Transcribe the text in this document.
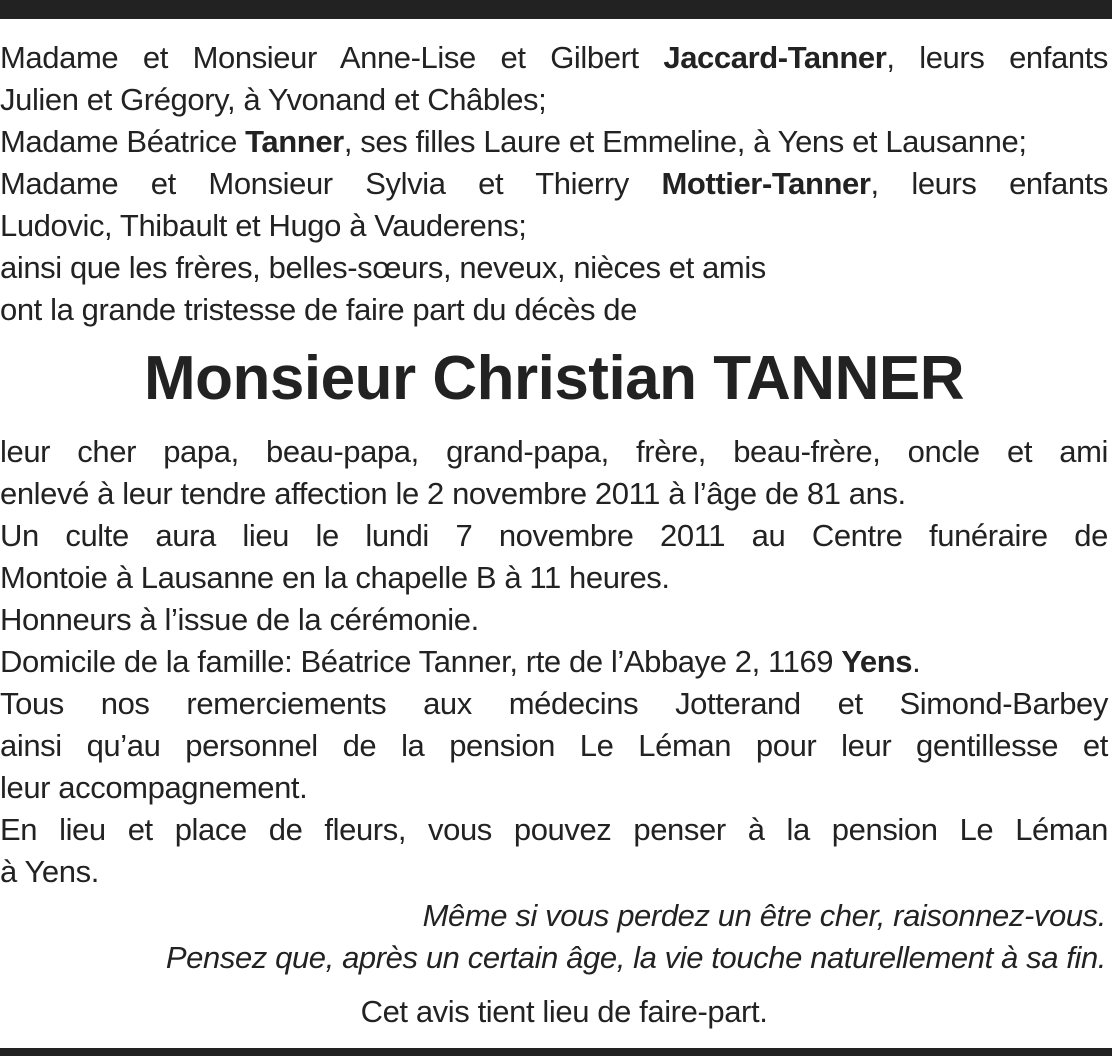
Madame et Monsieur Anne-Lise et Gilbert Jaccard-Tanner, leurs enfants
Julien et Grégory, à Yvonand et Châbles;
Madame Béatrice Tanner, ses filles Laure et Emmeline, à Yens et Lausanne;
Madame et Monsieur Sylvia et Thierry Mottier-Tanner, leurs enfants
Ludovic, Thibault et Hugo à Vauderens;
ainsi que les frères, belles-sœurs, neveux, nièces et amis
ont la grande tristesse de faire part du décès de
Monsieur Christian TANNER
leur cher papa, beau-papa, grand-papa, frère, beau-frère, oncle et ami
enlevé à leur tendre affection le 2 novembre 2011 à l’âge de 81 ans.
Un culte aura lieu le lundi 7 novembre 2011 au Centre funéraire de
Montoie à Lausanne en la chapelle B à 11 heures.
Honneurs à l’issue de la cérémonie.
Domicile de la famille: Béatrice Tanner, rte de l’Abbaye 2, 1169 Yens.
Tous nos remerciements aux médecins Jotterand et Simond-Barbey
ainsi qu’au personnel de la pension Le Léman pour leur gentillesse et
leur accompagnement.
En lieu et place de fleurs, vous pouvez penser à la pension Le Léman
à Yens.
Même si vous perdez un être cher, raisonnez-vous.
Pensez que, après un certain âge, la vie touche naturellement à sa fin.
Cet avis tient lieu de faire-part.
